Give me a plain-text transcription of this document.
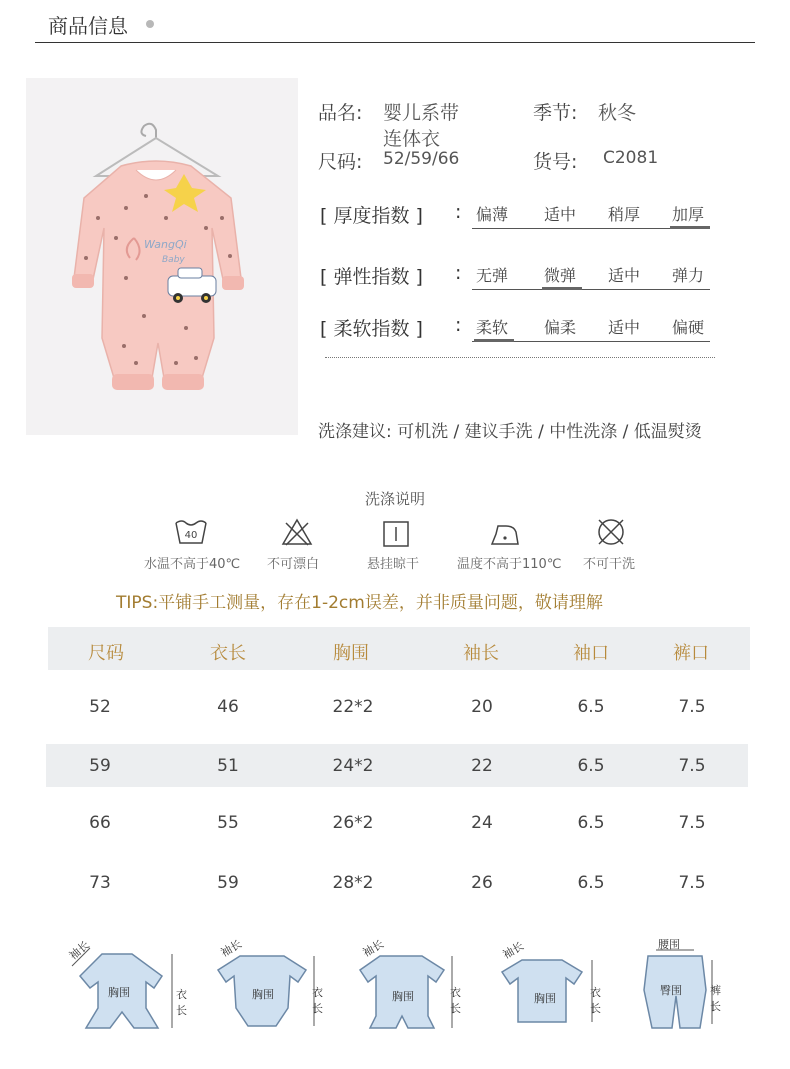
商品信息
WangQi
Baby
品名: 婴儿系带
连体衣
季节: 秋冬
尺码: 52/59/66	货号: C2081
[ 厚度指数 ] : 偏薄	适中	稍厚	加厚
[ 弹性指数 ] : 无弹	微弹	适中	弹力
[ 柔软指数 ] : 柔软	偏柔	适中	偏硬
洗涤建议: 可机洗 / 建议手洗 / 中性洗涤 / 低温熨烫
洗涤说明
40
水温不高于40℃ 不可漂白	悬挂晾干	温度不高于110℃ 不可干洗
TIPS:平铺手工测量，存在1-2cm误差，并非质量问题，敬请理解
尺码	衣长	胸围	袖长	袖口	裤口
52	46	22*2	20	6.5	7.5
59	51	24*2	22	6.5	7.5
66	55	26*2	24	6.5	7.5
73	59	28*2	26	6.5	7.5
袖长
胸围	衣
长
袖长
胸围	衣
长
袖长
胸围	衣
长
袖长
胸围	衣
长
腰围
臀围	裤
长
